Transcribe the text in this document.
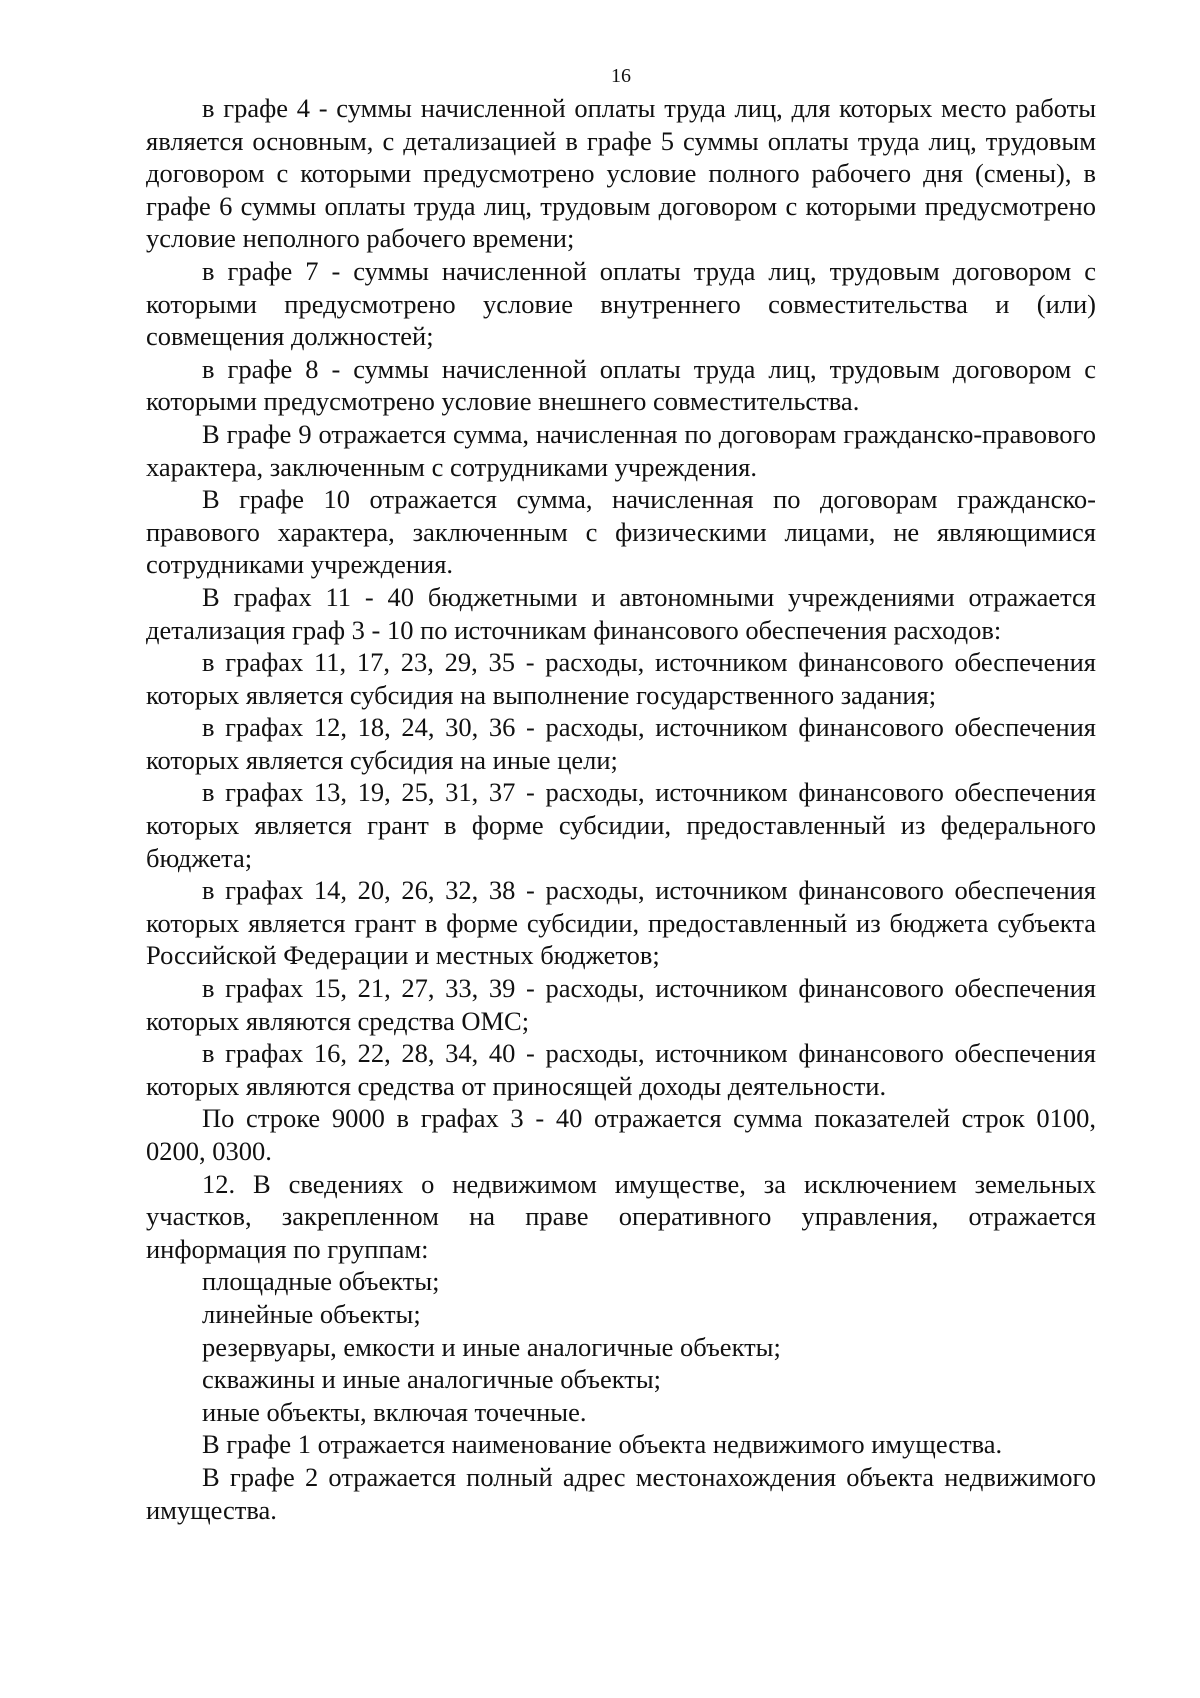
16

в графе 4 - суммы начисленной оплаты труда лиц, для которых место работы является основным, с детализацией в графе 5 суммы оплаты труда лиц, трудовым договором с которыми предусмотрено условие полного рабочего дня (смены), в графе 6 суммы оплаты труда лиц, трудовым договором с которыми предусмотрено условие неполного рабочего времени;

в графе 7 - суммы начисленной оплаты труда лиц, трудовым договором с которыми предусмотрено условие внутреннего совместительства и (или) совмещения должностей;

в графе 8 - суммы начисленной оплаты труда лиц, трудовым договором с которыми предусмотрено условие внешнего совместительства.

В графе 9 отражается сумма, начисленная по договорам гражданско-правового характера, заключенным с сотрудниками учреждения.

В графе 10 отражается сумма, начисленная по договорам гражданско-правового характера, заключенным с физическими лицами, не являющимися сотрудниками учреждения.

В графах 11 - 40 бюджетными и автономными учреждениями отражается детализация граф 3 - 10 по источникам финансового обеспечения расходов:

в графах 11, 17, 23, 29, 35 - расходы, источником финансового обеспечения которых является субсидия на выполнение государственного задания;

в графах 12, 18, 24, 30, 36 - расходы, источником финансового обеспечения которых является субсидия на иные цели;

в графах 13, 19, 25, 31, 37 - расходы, источником финансового обеспечения которых является грант в форме субсидии, предоставленный из федерального бюджета;

в графах 14, 20, 26, 32, 38 - расходы, источником финансового обеспечения которых является грант в форме субсидии, предоставленный из бюджета субъекта Российской Федерации и местных бюджетов;

в графах 15, 21, 27, 33, 39 - расходы, источником финансового обеспечения которых являются средства ОМС;

в графах 16, 22, 28, 34, 40 - расходы, источником финансового обеспечения которых являются средства от приносящей доходы деятельности.

По строке 9000 в графах 3 - 40 отражается сумма показателей строк 0100, 0200, 0300.

12. В сведениях о недвижимом имуществе, за исключением земельных участков, закрепленном на праве оперативного управления, отражается информация по группам:

площадные объекты;

линейные объекты;

резервуары, емкости и иные аналогичные объекты;

скважины и иные аналогичные объекты;

иные объекты, включая точечные.

В графе 1 отражается наименование объекта недвижимого имущества.

В графе 2 отражается полный адрес местонахождения объекта недвижимого имущества.
